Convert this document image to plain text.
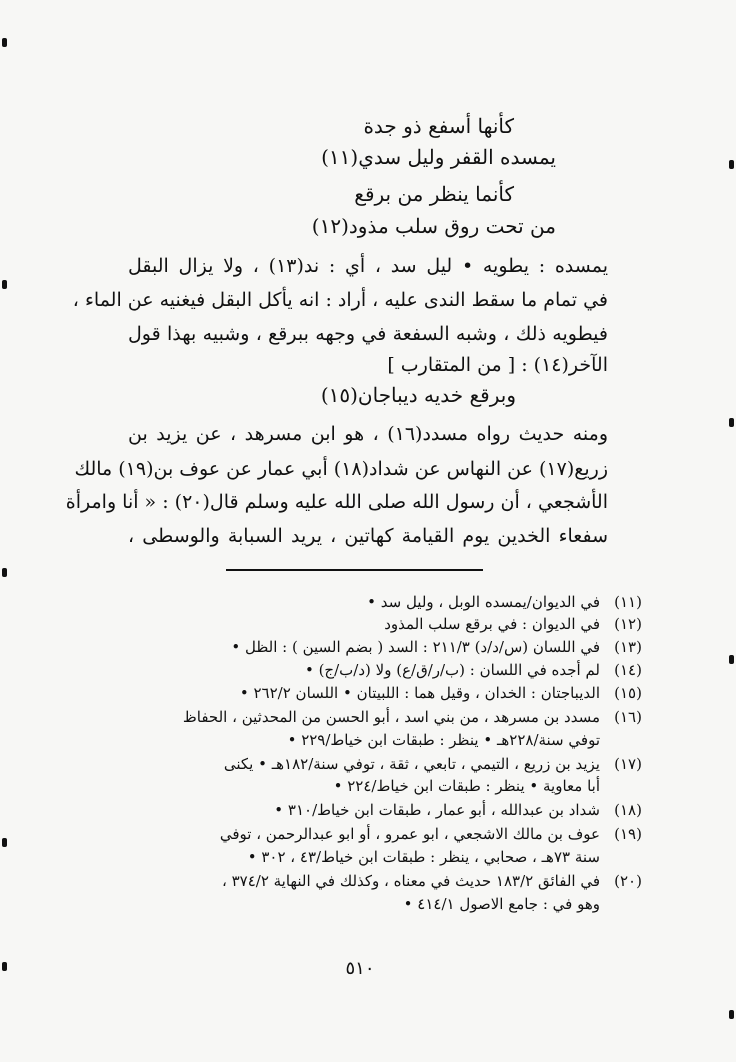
كأنها أسفع ذو جدة
يمسده القفر وليل سدي(١١)
كأنما ينظر من برقع
من تحت روق سلب مذود(١٢)
يمسده : يطويه • ليل سد ، أي : ند(١٣) ، ولا يزال البقل
في تمام ما سقط الندى عليه ، أراد : انه يأكل البقل فيغنيه عن الماء ،
فيطويه ذلك ، وشبه السفعة في وجهه ببرقع ، وشبيه بهذا قول
الآخر(١٤) : [ من المتقارب ]
وبرقع خديه ديباجان(١٥)
ومنه حديث رواه مسدد(١٦) ، هو ابن مسرهد ، عن يزيد بن
زريع(١٧) عن النهاس عن شداد(١٨) أبي عمار عن عوف بن(١٩) مالك
الأشجعي ، أن رسول الله صلى الله عليه وسلم قال(٢٠) : « أنا وامرأة
سفعاء الخدين يوم القيامة كهاتين ، يريد السبابة والوسطى ،
(١١)
في الديوان/يمسده الوبل ، وليل سد •
(١٢)
في الديوان : في برقع سلب المذود
(١٣)
في اللسان (س/د/د) ٢١١/٣ : السد ( بضم السين ) : الظل •
(١٤)
لم أجده في اللسان : (ب/ر/ق/ع) ولا (د/ب/ج) •
(١٥)
الديباجتان : الخدان ، وقيل هما : اللبيتان • اللسان ٢٦٢/٢ •
(١٦)
مسدد بن مسرهد ، من بني اسد ، أبو الحسن من المحدثين ، الحفاظ
توفي سنة/٢٢٨هـ • ينظر : طبقات ابن خياط/٢٢٩ •
(١٧)
يزيد بن زريع ، التيمي ، تابعي ، ثقة ، توفي سنة/١٨٢هـ • يكنى
أبا معاوية • ينظر : طبقات ابن خياط/٢٢٤ •
(١٨)
شداد بن عبدالله ، أبو عمار ، طبقات ابن خياط/٣١٠ •
(١٩)
عوف بن مالك الاشجعي ، ابو عمرو ، أو ابو عبدالرحمن ، توفي
سنة ٧٣هـ ، صحابي ، ينظر : طبقات ابن خياط/٤٣ ، ٣٠٢ •
(٢٠)
في الفائق ١٨٣/٢ حديث في معناه ، وكذلك في النهاية ٣٧٤/٢ ،
وهو في : جامع الاصول ٤١٤/١ •
٥١٠
